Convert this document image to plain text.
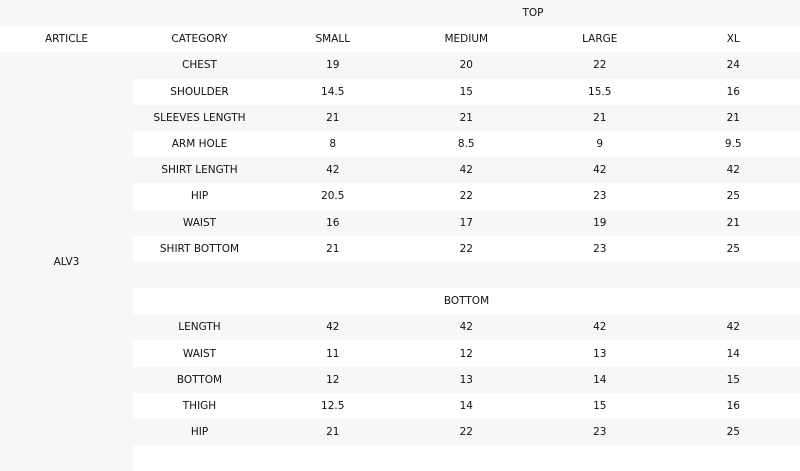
		TOP			
ARTICLE	CATEGORY	SMALL	MEDIUM	LARGE	XL
ALV3	CHEST	19	20	22	24
	SHOULDER	14.5	15	15.5	16
	SLEEVES LENGTH	21	21	21	21
	ARM HOLE	8	8.5	9	9.5
	SHIRT LENGTH	42	42	42	42
	HIP	20.5	22	23	25
	WAIST	16	17	19	21
	SHIRT BOTTOM	21	22	23	25

	BOTTOM				
	LENGTH	42	42	42	42
	WAIST	11	12	13	14
	BOTTOM	12	13	14	15
	THIGH	12.5	14	15	16
	HIP	21	22	23	25
